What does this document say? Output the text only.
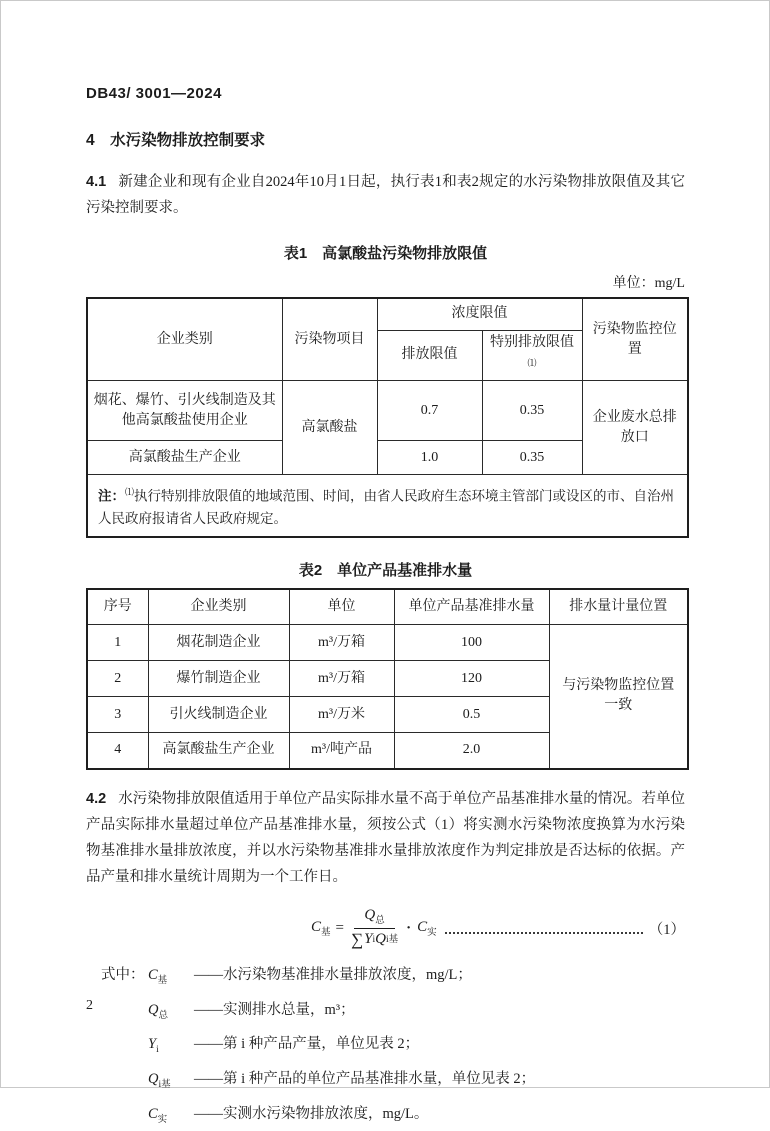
DB43/ 3001—2024
4　水污染物排放控制要求

4.1 新建企业和现有企业自2024年10月1日起，执行表1和表2规定的水污染物排放限值及其它污染控制要求。

表1　高氯酸盐污染物排放限值
单位：mg/L
企业类别	污染物项目	浓度限值		污染物监控位置
		排放限值	特别排放限值⑴
烟花、爆竹、引火线制造及其他高氯酸盐使用企业	高氯酸盐	0.7	0.35	企业废水总排放口
高氯酸盐生产企业		1.0	0.35	
注：⑴执行特别排放限值的地域范围、时间，由省人民政府生态环境主管部门或设区的市、自治州人民政府报请省人民政府规定。				
表2　单位产品基准排水量
序号	企业类别	单位	单位产品基准排水量	排水量计量位置
1	烟花制造企业	m³/万箱	100	与污染物监控位置一致
2	爆竹制造企业	m³/万箱	120	
3	引火线制造企业	m³/万米	0.5	
4	高氯酸盐生产企业	m³/吨产品	2.0	

4.2 水污染物排放限值适用于单位产品实际排水量不高于单位产品基准排水量的情况。若单位产品实际排水量超过单位产品基准排水量，须按公式（1）将实测水污染物浓度换算为水污染物基准排水量排放浓度，并以水污染物基准排水量排放浓度作为判定排放是否达标的依据。产品产量和排水量统计周期为一个工作日。

$C_基 = \frac{Q_总}{\text{∑ Y i Q i基}} \cdot C_实$	（1）
式中： $C_基$	—— 水污染物基准排水量排放浓度，mg/L；
$Q_总$	—— 实测排水总量，m³；
$Y_i$	—— 第 i 种产品产量，单位见表 2；
$Q_{i基}$	—— 第 i 种产品的单位产品基准排水量，单位见表 2；
$C_实$	—— 实测水污染物排放浓度，mg/L。
2
